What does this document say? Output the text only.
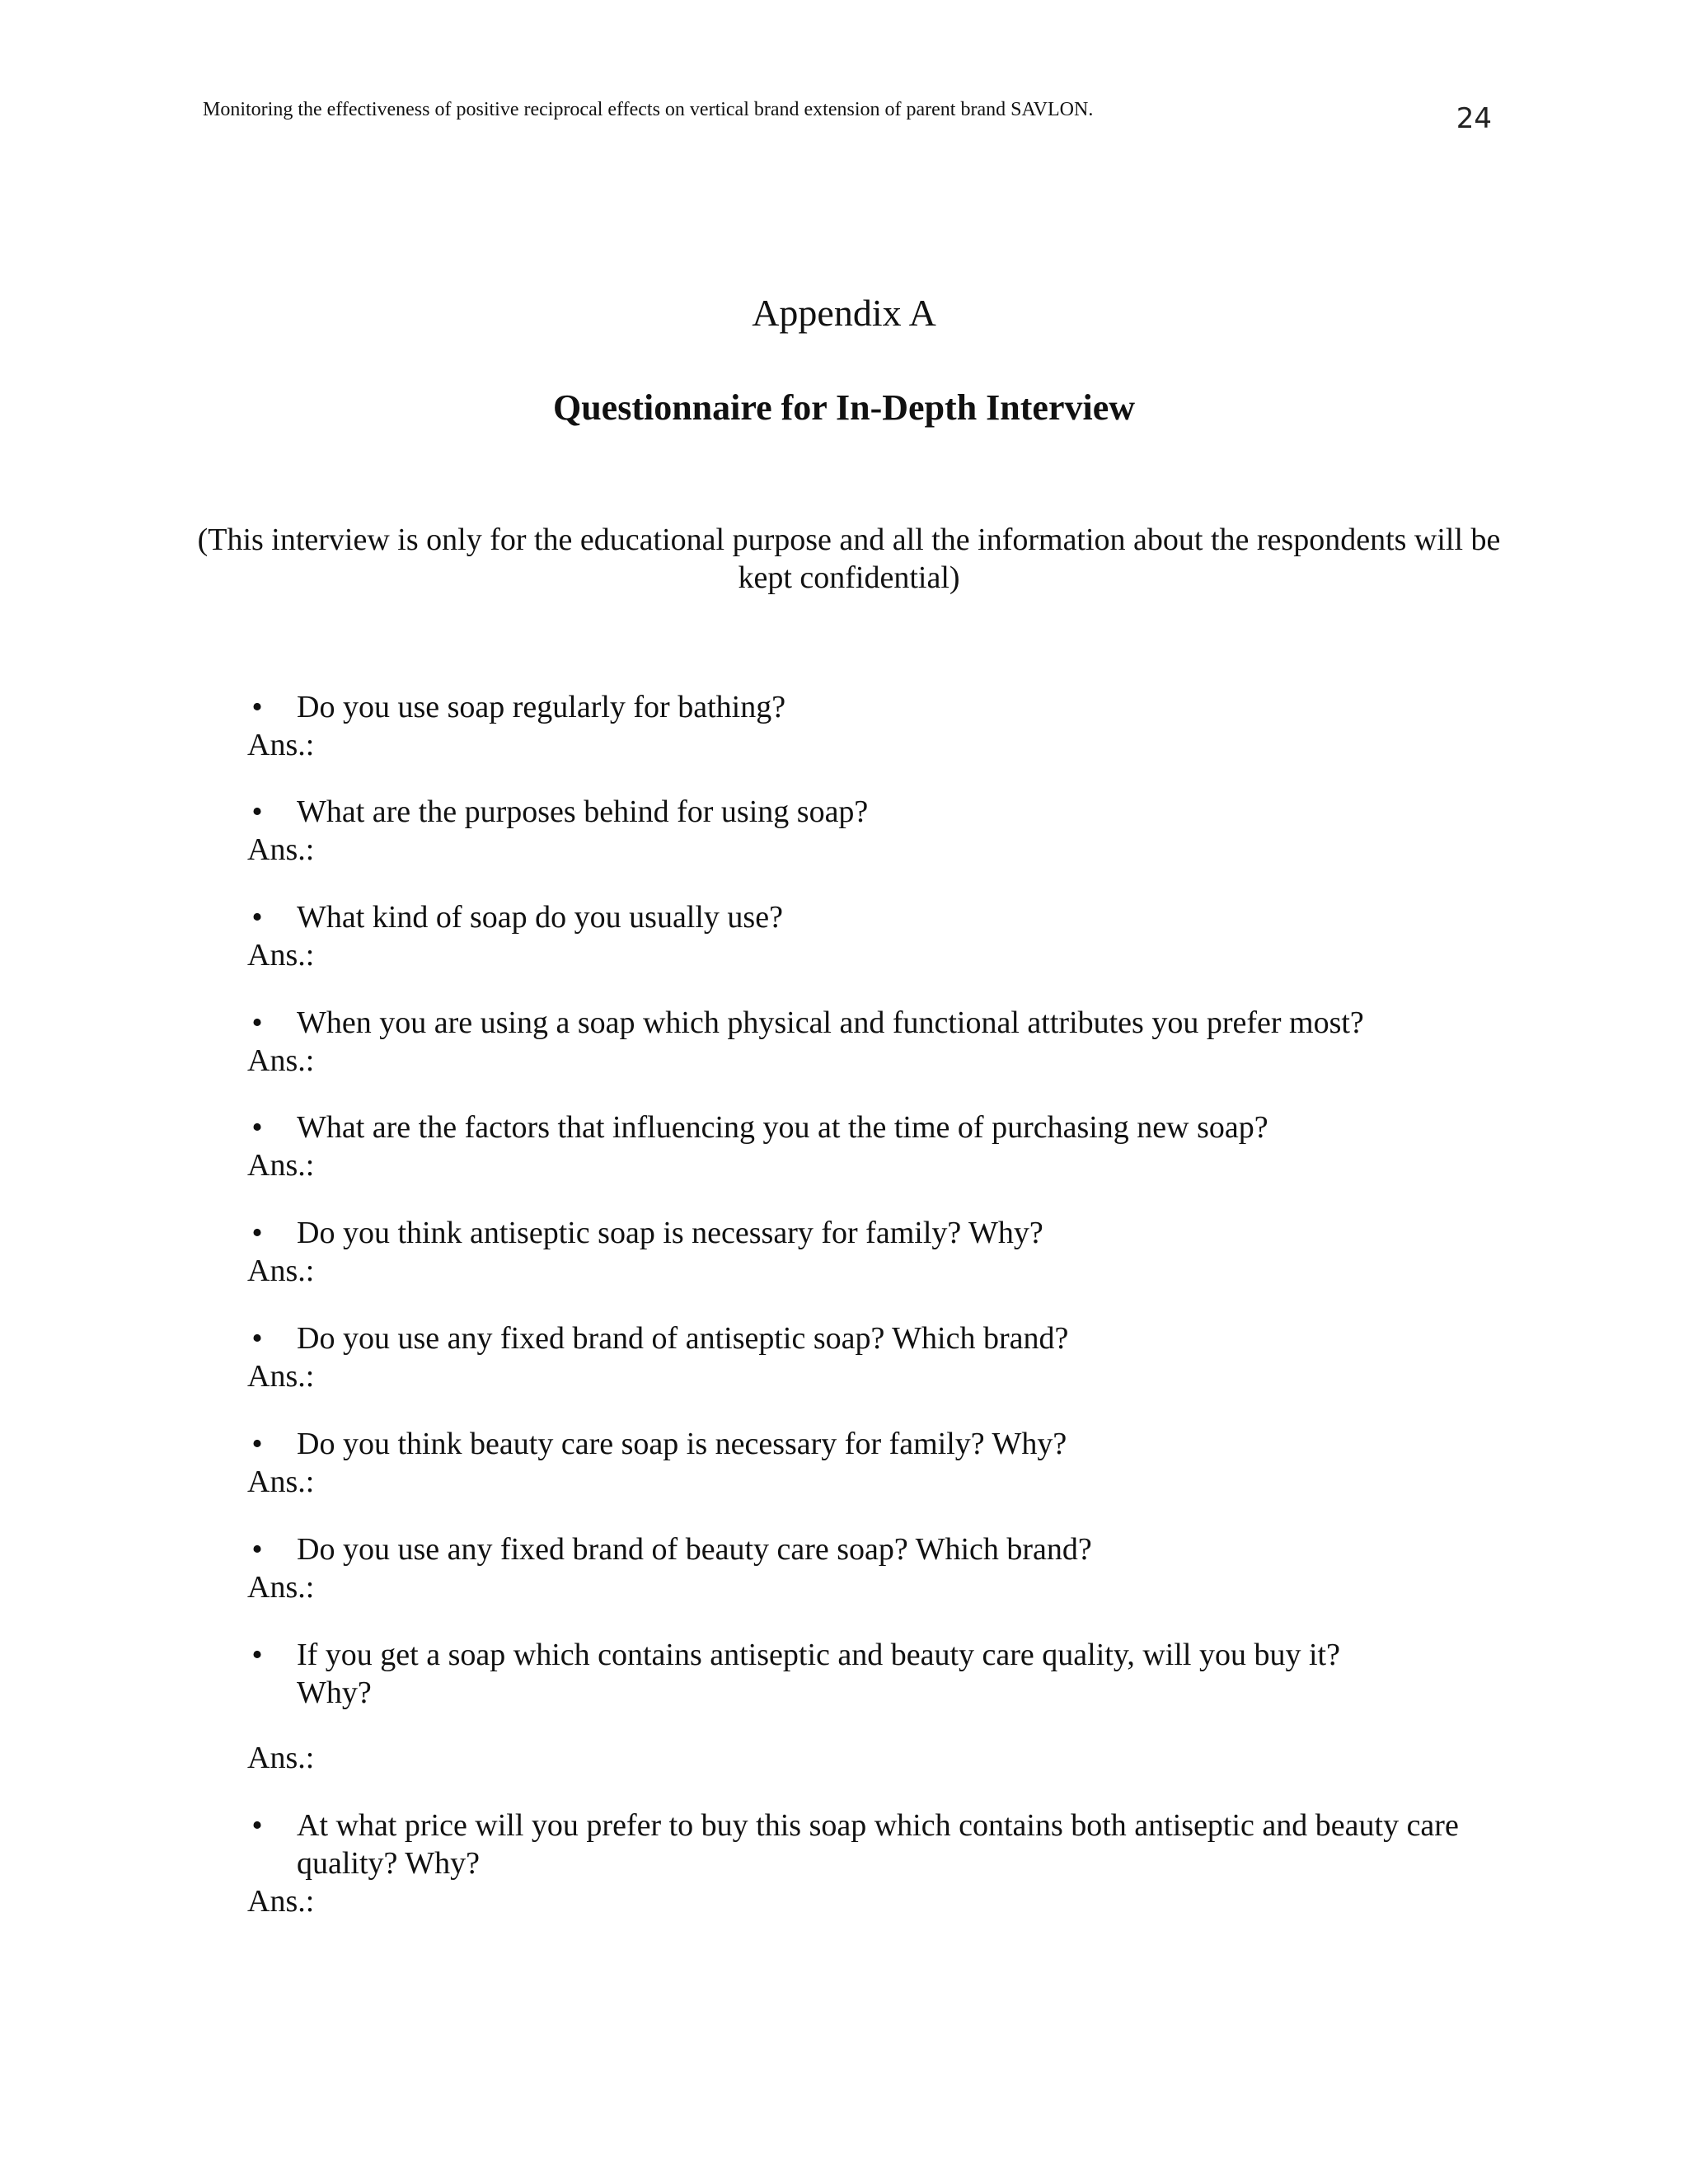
Monitoring the effectiveness of positive reciprocal effects on vertical brand extension of parent brand SAVLON.	24
Appendix A
Questionnaire for In-Depth Interview
(This interview is only for the educational purpose and all the information about the respondents will be kept confidential)
• Do you use soap regularly for bathing?
Ans.:
• What are the purposes behind for using soap?
Ans.:
• What kind of soap do you usually use?
Ans.:
• When you are using a soap which physical and functional attributes you prefer most?
Ans.:
• What are the factors that influencing you at the time of purchasing new soap?
Ans.:
• Do you think antiseptic soap is necessary for family? Why?
Ans.:
• Do you use any fixed brand of antiseptic soap? Which brand?
Ans.:
• Do you think beauty care soap is necessary for family? Why?
Ans.:
• Do you use any fixed brand of beauty care soap? Which brand?
Ans.:
• If you get a soap which contains antiseptic and beauty care quality, will you buy it? Why?
Ans.:
• At what price will you prefer to buy this soap which contains both antiseptic and beauty care quality? Why?
Ans.:
